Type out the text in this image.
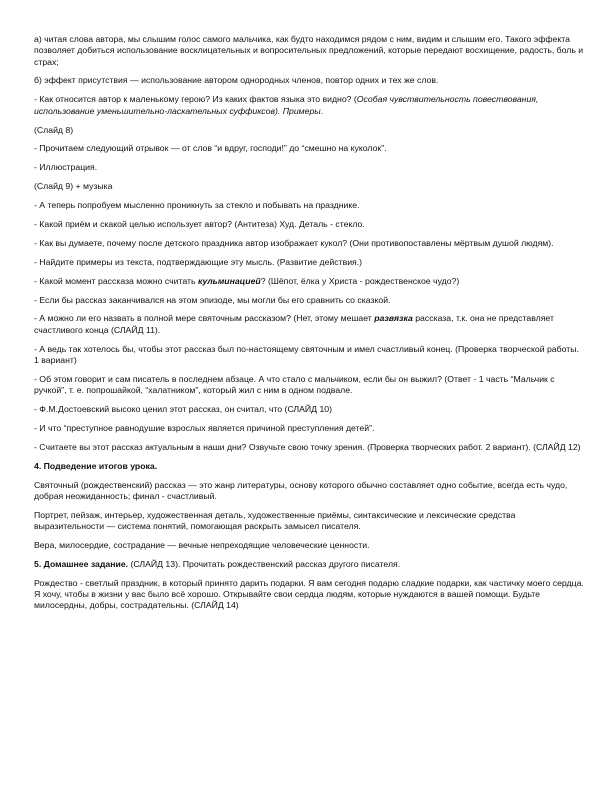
а) читая слова автора, мы слышим голос самого мальчика, как будто находимся рядом с ним, видим и слышим его. Такого эффекта позволяет добиться использование восклицательных и вопросительных предложений, которые передают восхищение, радость, боль и страх;

б) эффект присутствия — использование автором однородных членов, повтор одних и тех же слов.

- Как относится автор к маленькому герою? Из каких фактов языка это видно? (Особая чувствительность повествования, использование уменьшительно-ласкательных суффиксов). Примеры.

(Слайд 8)

- Прочитаем следующий отрывок — от слов “и вдруг, господи!” до “смешно на куколок”.

- Иллюстрация.

(Слайд 9) + музыка

- А теперь попробуем мысленно проникнуть за стекло и побывать на празднике.

- Какой приём и скакой целью использует автор? (Антитеза) Худ. Деталь - стекло.

- Как вы думаете, почему после детского праздника автор изображает кукол? (Они противопоставлены мёртвым душой людям).

- Найдите примеры из текста, подтверждающие эту мысль. (Развитие действия.)

- Какой момент рассказа можно считать кульминацией? (Шёпот, ёлка у Христа - рождественское чудо?)

- Если бы рассказ заканчивался на этом эпизоде, мы могли бы его сравнить со сказкой.

- А можно ли его назвать в полной мере святочным рассказом? (Нет, этому мешает развязка рассказа, т.к. она не представляет счастливого конца (СЛАЙД 11).

- А ведь так хотелось бы, чтобы этот рассказ был по-настоящему святочным и имел счастливый конец. (Проверка творческой работы. 1 вариант)

- Об этом говорит и сам писатель в последнем абзаце. А что стало с мальчиком, если бы он выжил? (Ответ - 1 часть “Мальчик с ручкой”, т. е. попрошайкой, “халатником”, который жил с ним в одном подвале.

- Ф.М.Достоевский высоко ценил этот рассказ, он считал, что (СЛАЙД 10)

- И что “преступное равнодушие взрослых является причиной преступления детей”.

- Считаете вы этот рассказ актуальным в наши дни? Озвучьте свою точку зрения. (Проверка творческих работ. 2 вариант). (СЛАЙД 12)

4. Подведение итогов урока.

Святочный (рождественский) рассказ — это жанр литературы, основу которого обычно составляет одно событие, всегда есть чудо, добрая неожиданность; финал - счастливый.

Портрет, пейзаж, интерьер, художественная деталь, художественные приёмы, синтаксические и лексические средства выразительности — система понятий, помогающая раскрыть замысел писателя.

Вера, милосердие, сострадание — вечные непреходящие человеческие ценности.

5. Домашнее задание. (СЛАЙД 13). Прочитать рождественский рассказ другого писателя.

Рождество - светлый праздник, в который принято дарить подарки. Я вам сегодня подарю сладкие подарки, как частичку моего сердца. Я хочу, чтобы в жизни у вас было всё хорошо. Открывайте свои сердца людям, которые нуждаются в вашей помощи. Будьте милосердны, добры, сострадательны. (СЛАЙД 14)
